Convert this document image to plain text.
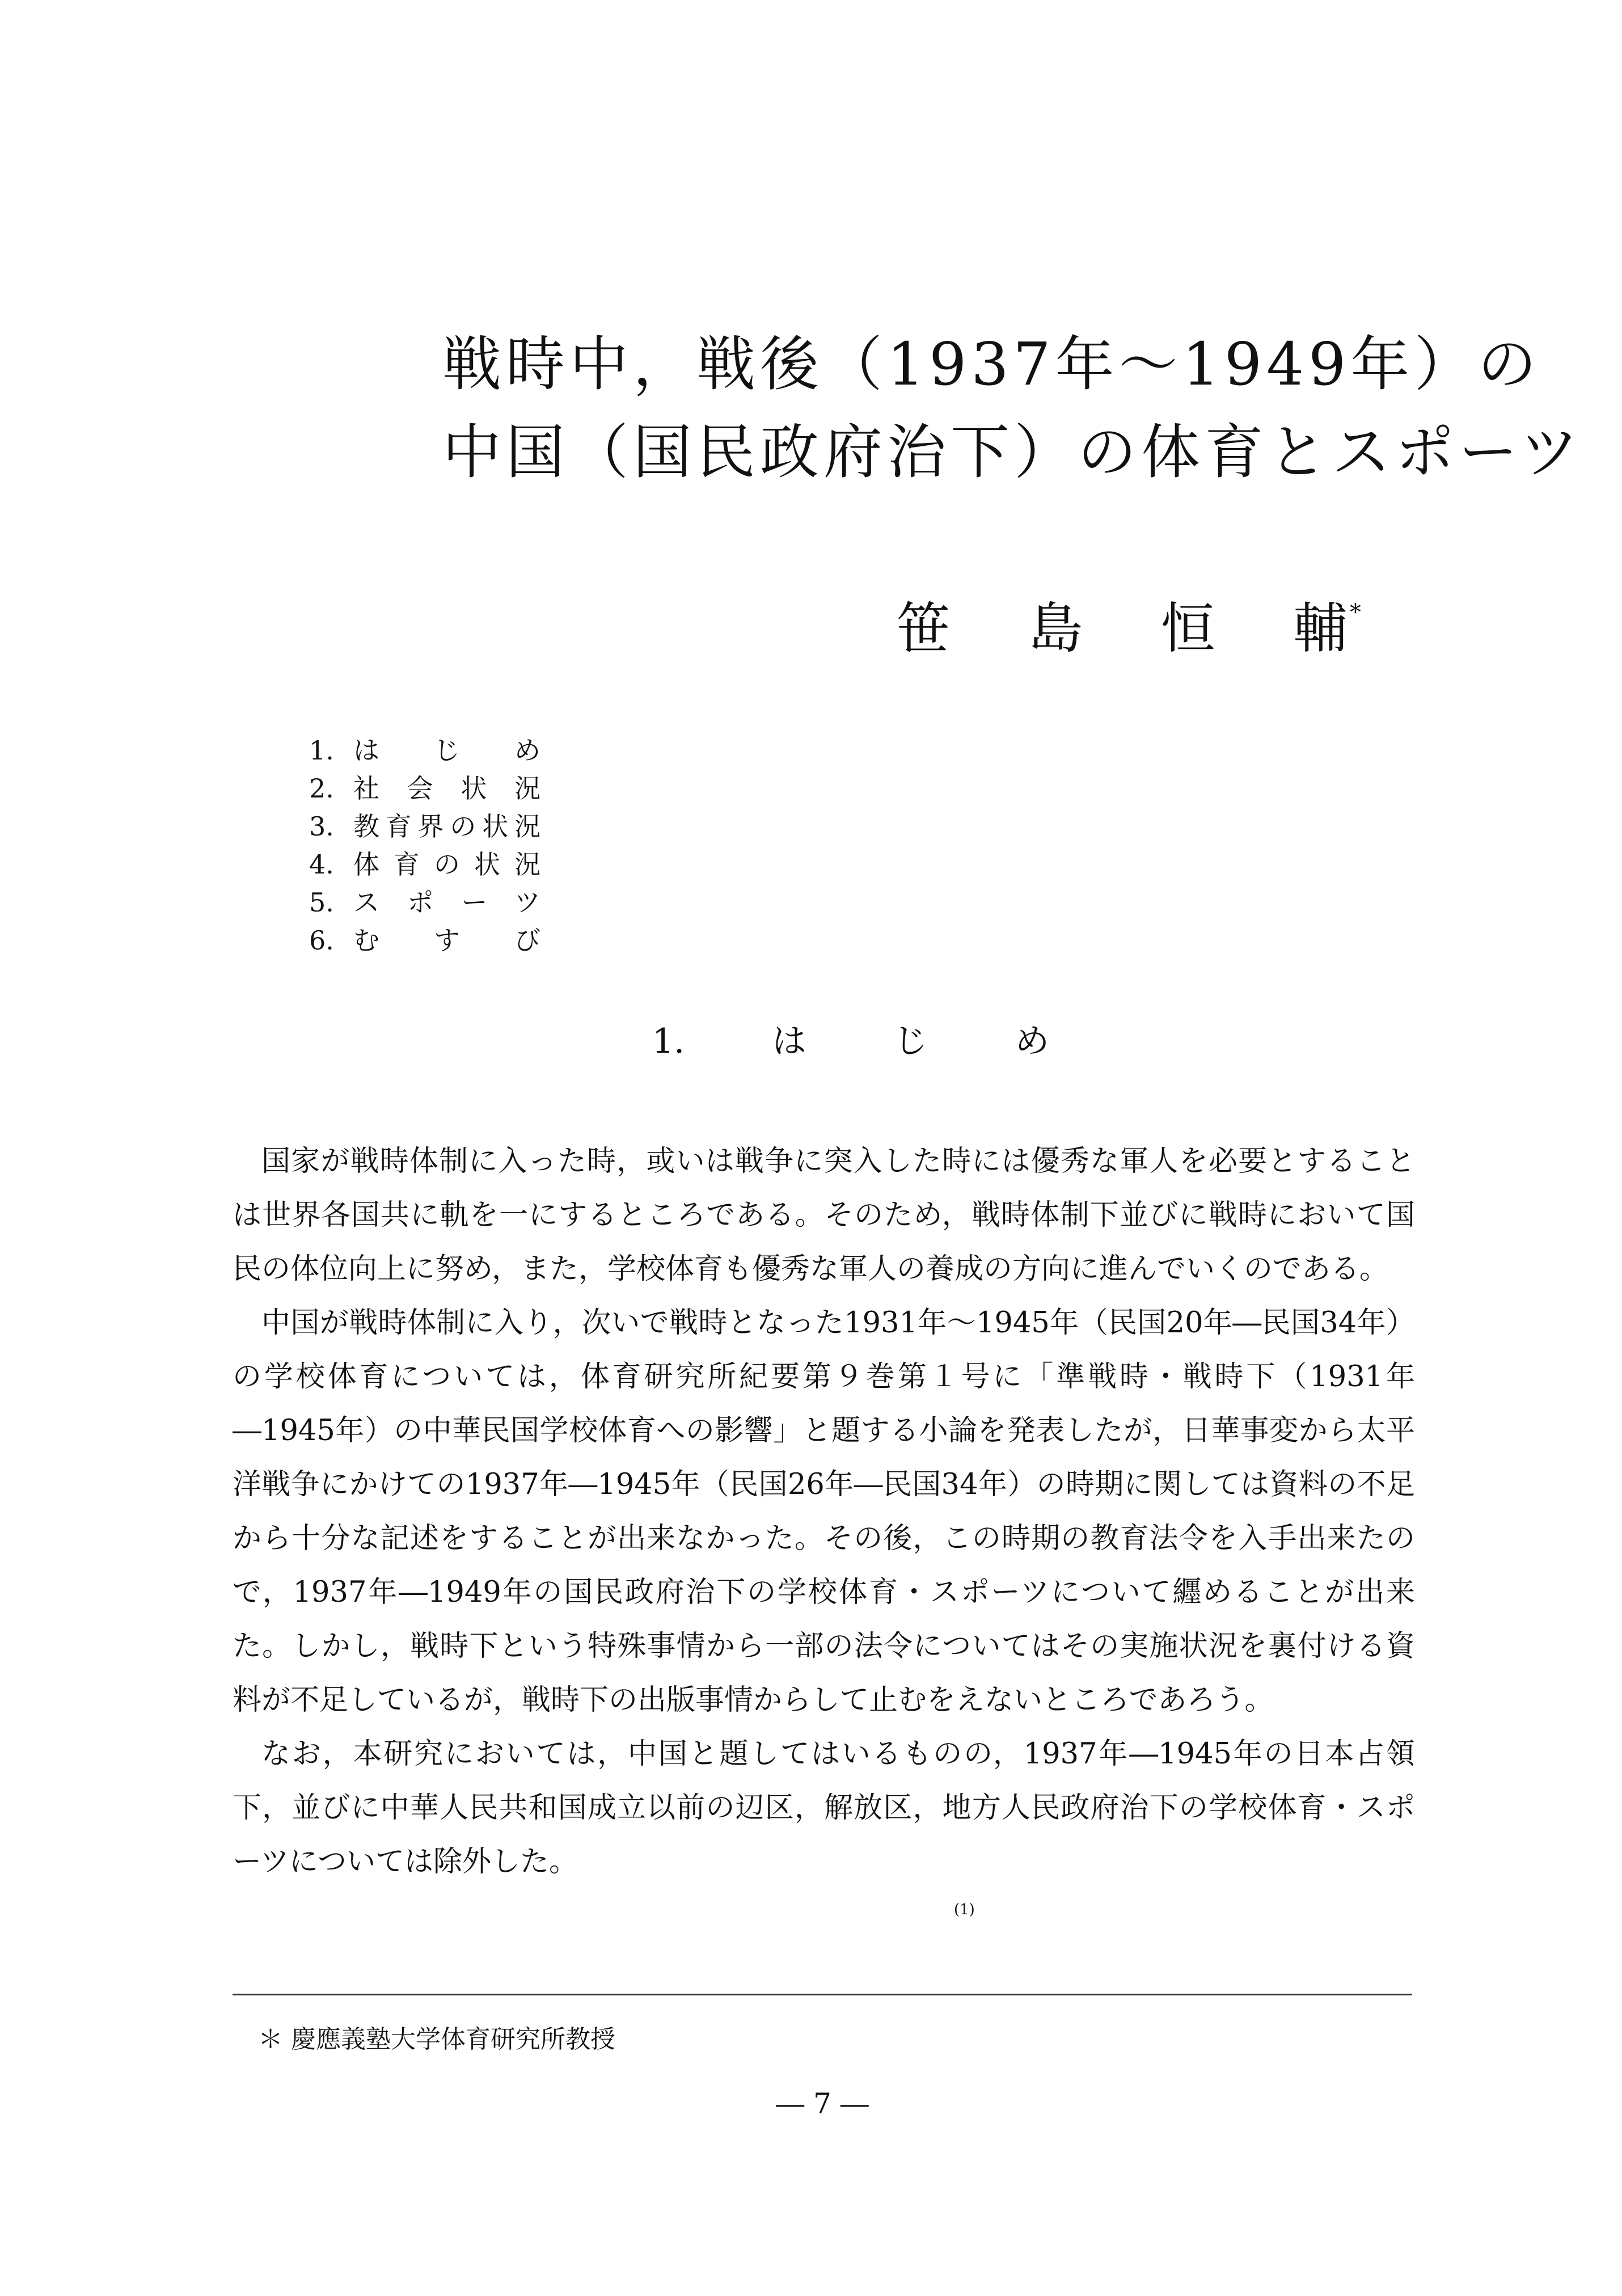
戦時中，戦後（1937年～1949年）の
中国（国民政府治下）の体育とスポーツ
笹 島 恒 輔 *
1. はじめ
2. 社会状況
3. 教育界の状況
4. 体育の状況
5. スポーツ
6. むすび
1.	は	じ	め

国家が戦時体制に入った時，或いは戦争に突入した時には優秀な軍人を必要とすることは世界各国共に軌を一にするところである。そのため，戦時体制下並びに戦時において国民の体位向上に努め，また，学校体育も優秀な軍人の養成の方向に進んでいくのである。

中国が戦時体制に入り，次いで戦時となった1931年～1945年（民国20年―民国34年）の学校体育については，体育研究所紀要第９巻第１号に「準戦時・戦時下（1931年―1945年）の中華民国学校体育への影響」と題する小論を発表したが，日華事変から太平洋戦争にかけての1937年―1945年（民国26年―民国34年）の時期に関しては資料の不足から十分な記述をすることが出来なかった。その後，この時期の教育法令を入手出来たので，1937年―1949年の国民政府治下の学校体育・スポーツについて纒めることが出来た。しかし，戦時下という特殊事情から一部の法令についてはその実施状況を裏付ける資料が不足しているが，戦時下の出版事情からして止むをえないところであろう。

なお，本研究においては，中国と題してはいるものの，1937年―1945年の日本占領下，並びに中華人民共和国成立以前の辺区，解放区，地方人民政府治下の学校体育・スポーツについては除外した。

(1)
＊ 慶應義塾大学体育研究所教授
― 7 ―
